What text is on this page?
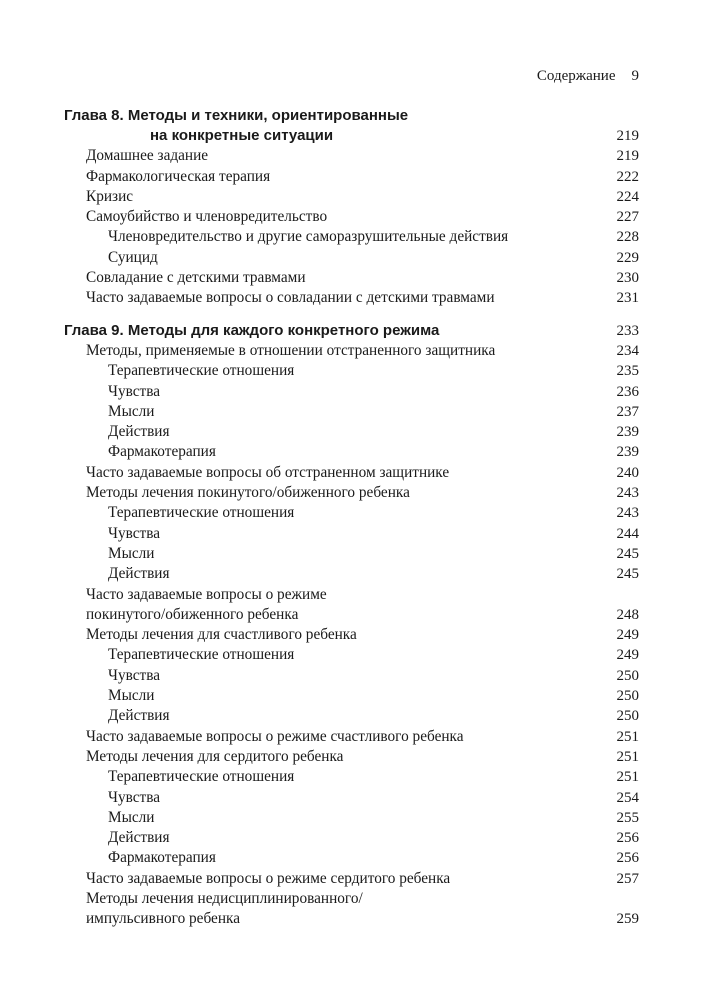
Содержание 9
Глава 8. Методы и техники, ориентированные
на конкретные ситуации	219
Домашнее задание	219
Фармакологическая терапия	222
Кризис	224
Самоубийство и членовредительство	227
Членовредительство и другие саморазрушительные действия	228
Суицид	229
Совладание с детскими травмами	230
Часто задаваемые вопросы о совладании с детскими травмами	231
Глава 9. Методы для каждого конкретного режима	233
Методы, применяемые в отношении отстраненного защитника	234
Терапевтические отношения	235
Чувства	236
Мысли	237
Действия	239
Фармакотерапия	239
Часто задаваемые вопросы об отстраненном защитнике	240
Методы лечения покинутого/обиженного ребенка	243
Терапевтические отношения	243
Чувства	244
Мысли	245
Действия	245
Часто задаваемые вопросы о режиме
покинутого/обиженного ребенка	248
Методы лечения для счастливого ребенка	249
Терапевтические отношения	249
Чувства	250
Мысли	250
Действия	250
Часто задаваемые вопросы о режиме счастливого ребенка	251
Методы лечения для сердитого ребенка	251
Терапевтические отношения	251
Чувства	254
Мысли	255
Действия	256
Фармакотерапия	256
Часто задаваемые вопросы о режиме сердитого ребенка	257
Методы лечения недисциплинированного/
импульсивного ребенка	259
